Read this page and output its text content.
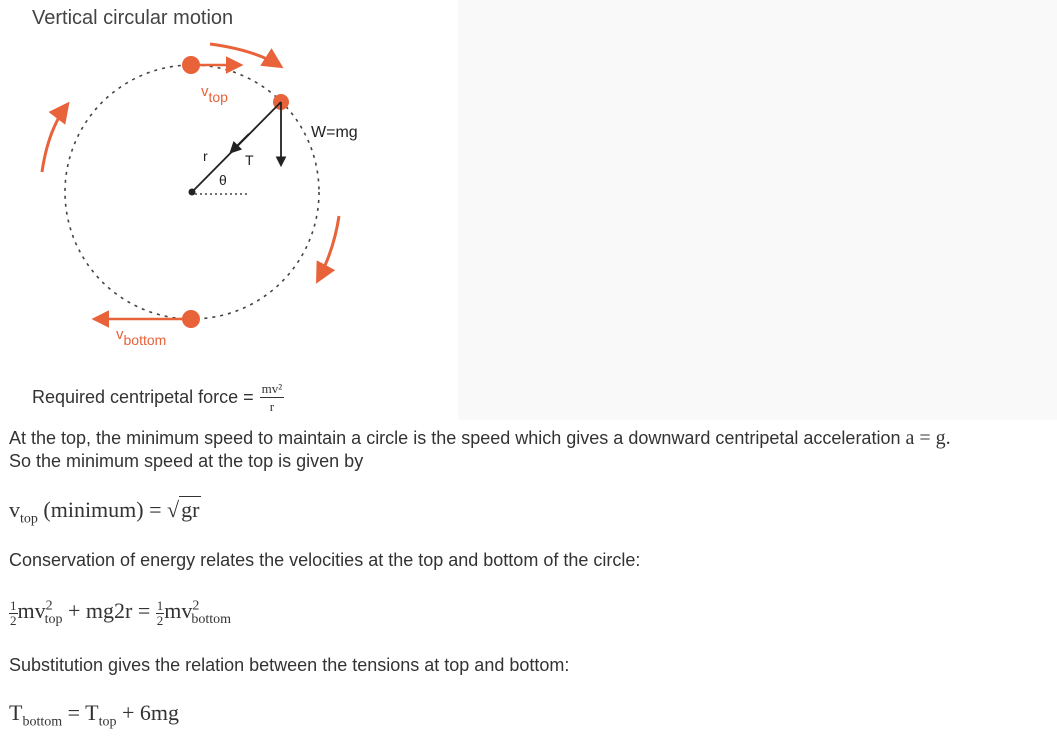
Vertical circular motion
vtop
vbottom
W=mg
r	T
θ
Required centripetal force = $\frac{\text{mv²}}{r}$
At the top, the minimum speed to maintain a circle is the speed which gives a downward centripetal acceleration a = g.
So the minimum speed at the top is given by
$v_{top}$ (minimum) = √gr
Conservation of energy relates the velocities at the top and bottom of the circle:
$\frac{1}{2} mv^2_{top} + mg2r = \frac{1}{2} mv^2_{bottom}$
Substitution gives the relation between the tensions at top and bottom:
$T_{bottom} = T_{top} + 6mg$
